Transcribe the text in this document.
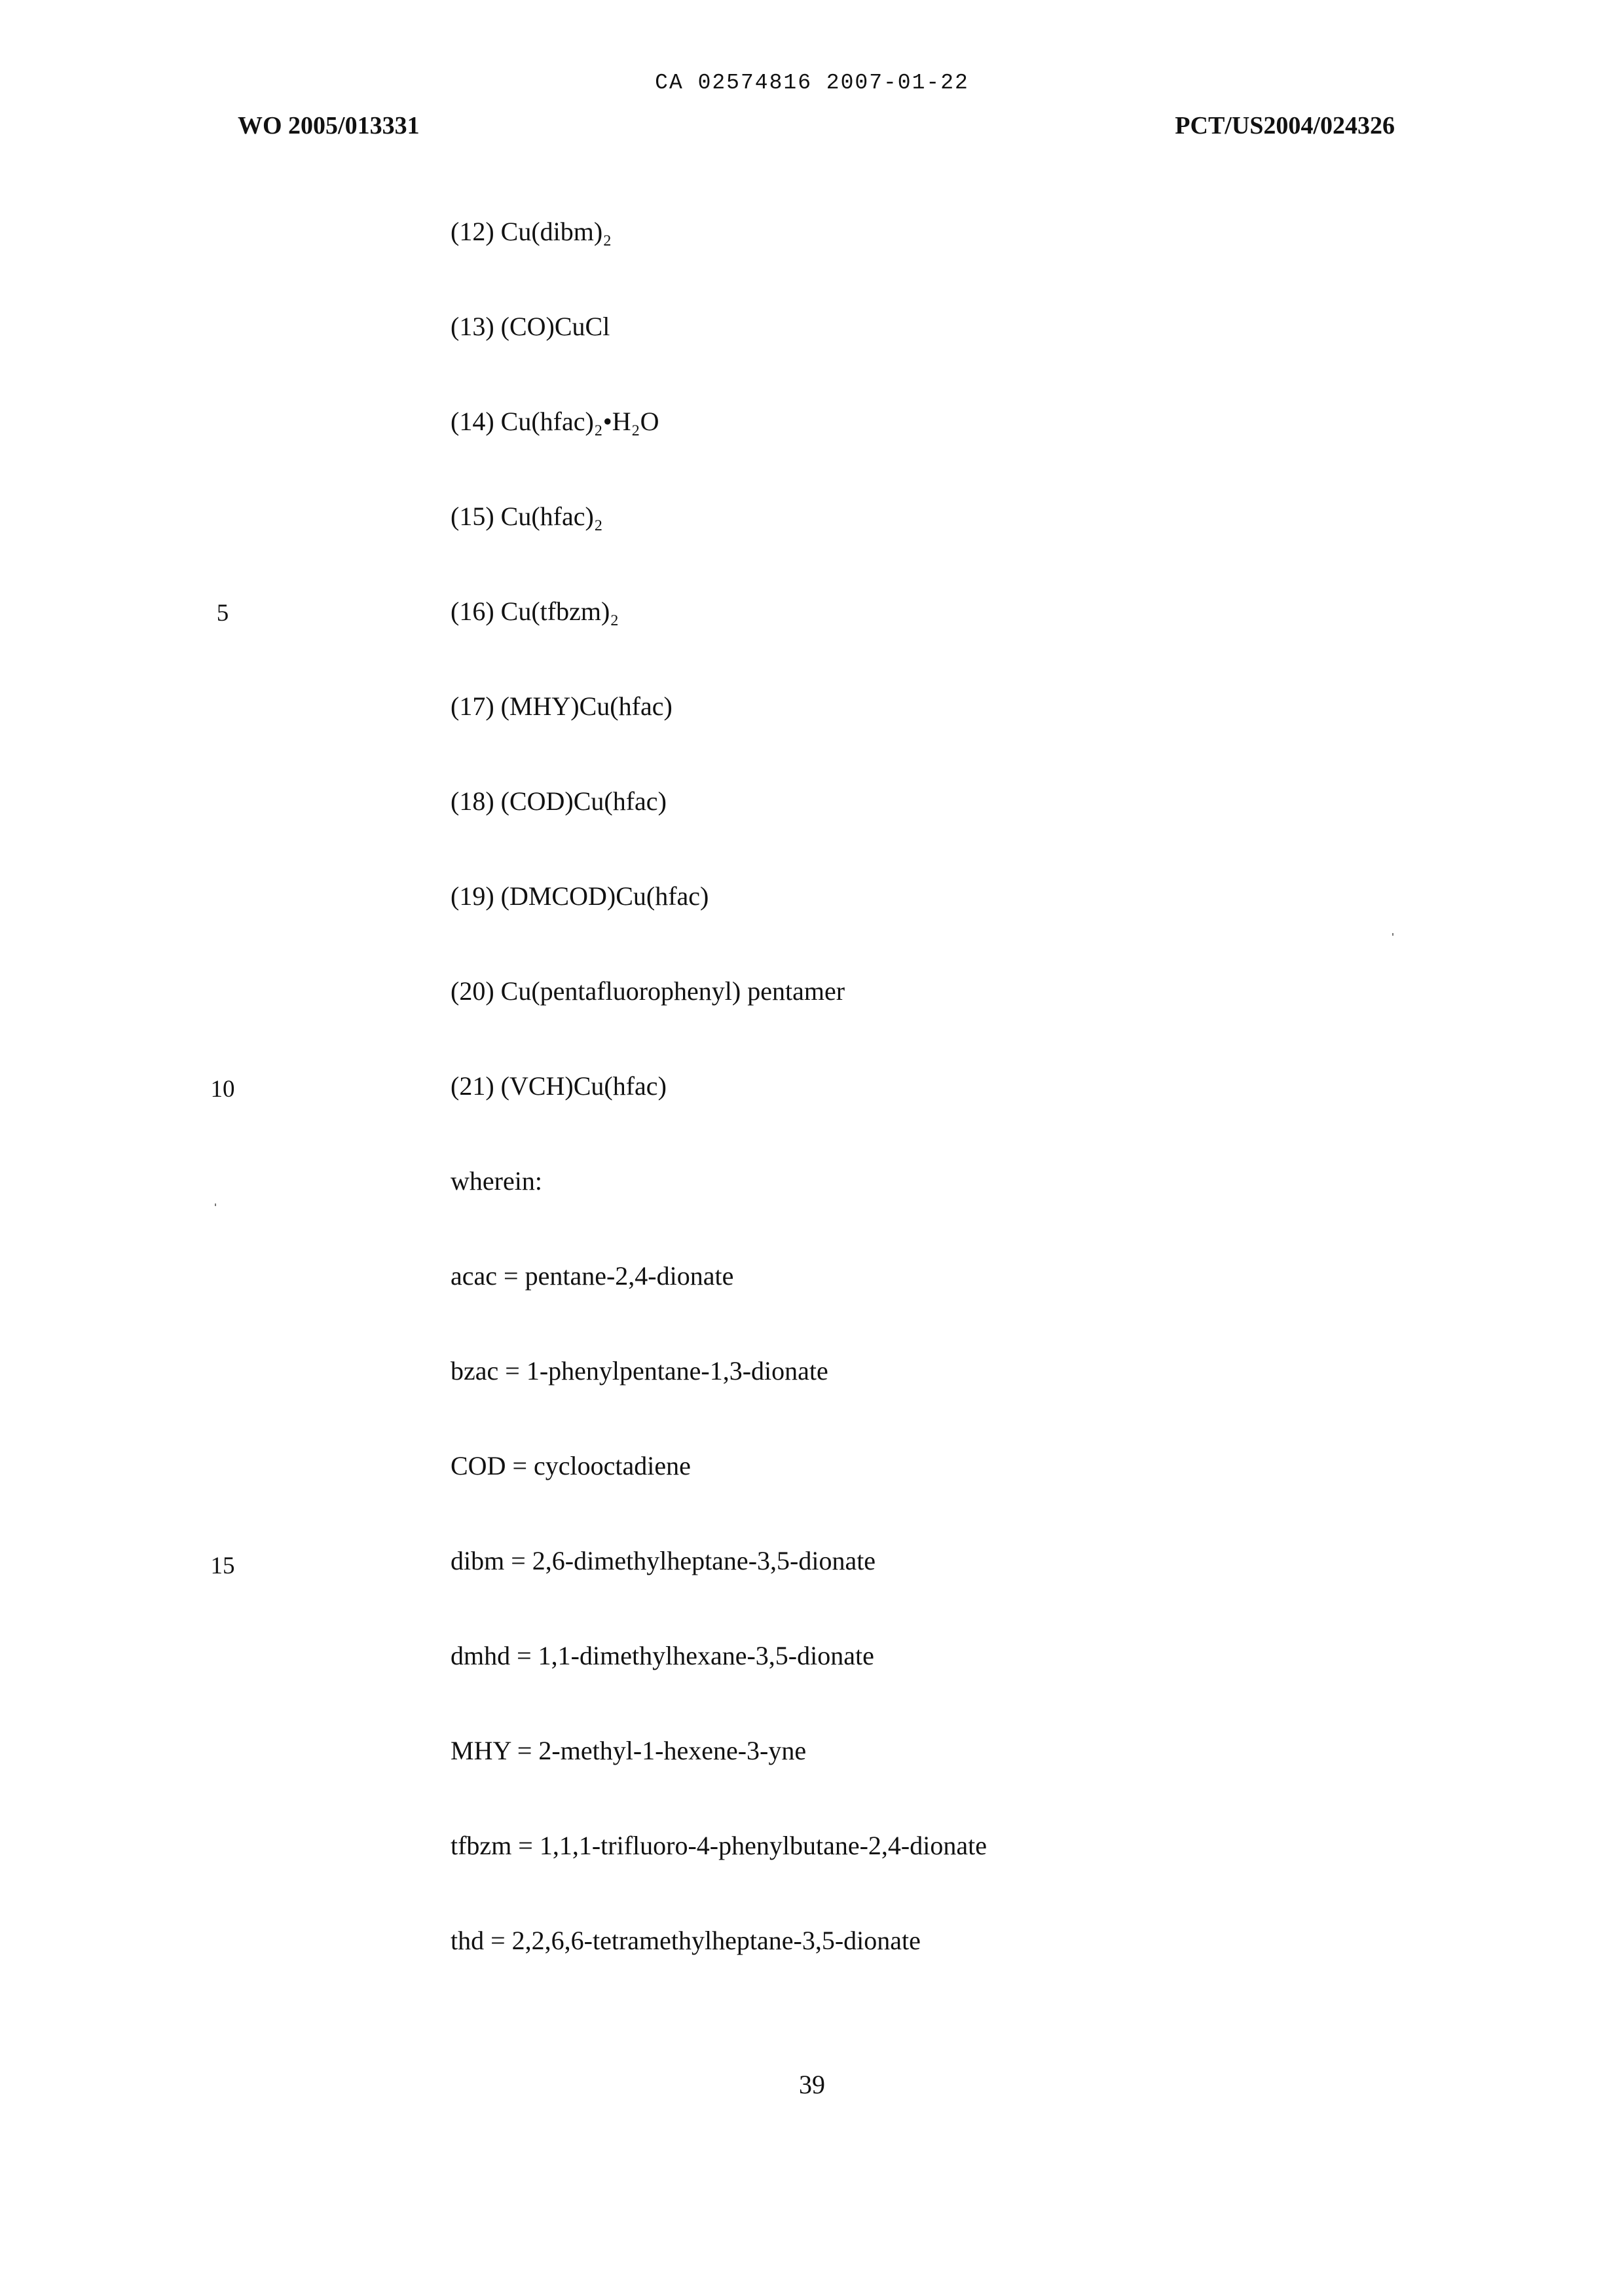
CA 02574816 2007-01-22
WO 2005/013331	PCT/US2004/024326
5
10
15
(12) Cu(dibm)₂
(13) (CO)CuCl
(14) Cu(hfac)₂•H₂O
(15) Cu(hfac)₂
(16) Cu(tfbzm)₂
(17) (MHY)Cu(hfac)
(18) (COD)Cu(hfac)
(19) (DMCOD)Cu(hfac)
(20) Cu(pentafluorophenyl) pentamer
(21) (VCH)Cu(hfac)
wherein:
acac = pentane-2,4-dionate
bzac = 1-phenylpentane-1,3-dionate
COD = cyclooctadiene
dibm = 2,6-dimethylheptane-3,5-dionate
dmhd = 1,1-dimethylhexane-3,5-dionate
MHY = 2-methyl-1-hexene-3-yne
tfbzm = 1,1,1-trifluoro-4-phenylbutane-2,4-dionate
thd = 2,2,6,6-tetramethylheptane-3,5-dionate
39
